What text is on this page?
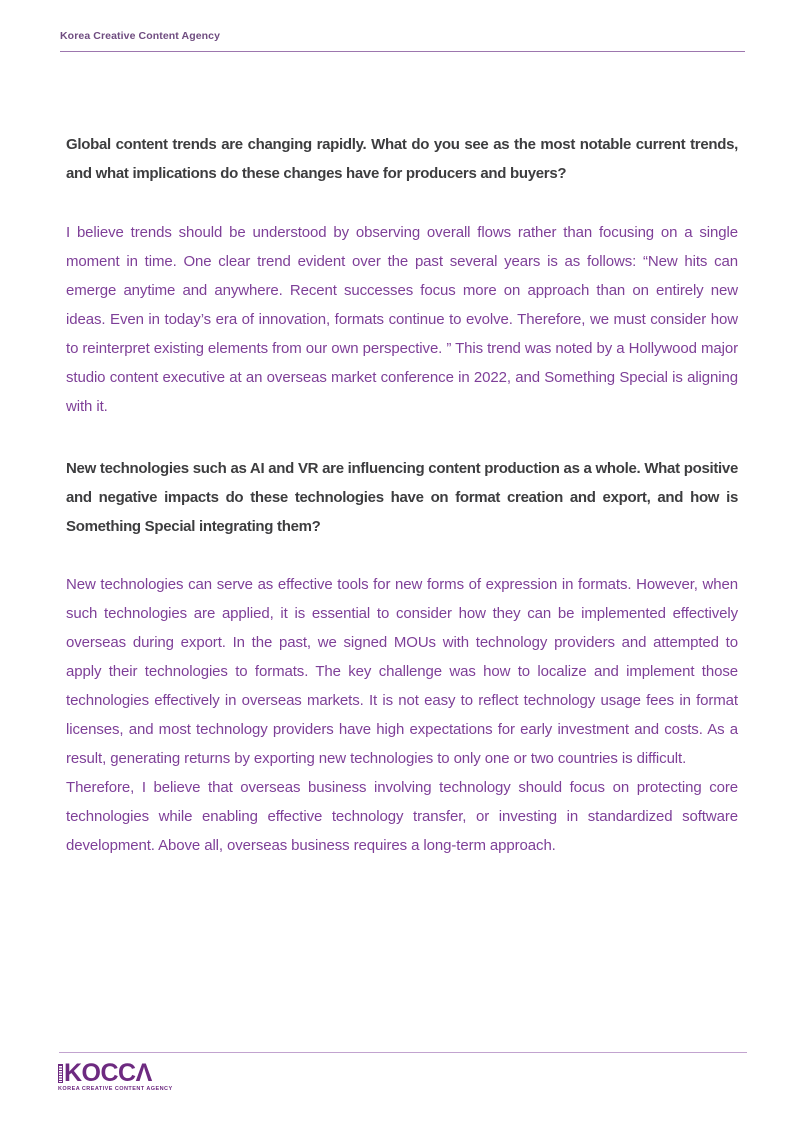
Korea Creative Content Agency
Global content trends are changing rapidly. What do you see as the most notable current trends, and what implications do these changes have for producers and buyers?
I believe trends should be understood by observing overall flows rather than focusing on a single moment in time. One clear trend evident over the past several years is as follows: “New hits can  emerge anytime and anywhere. Recent successes focus more on approach than on entirely new ideas. Even in today’s era of innovation, formats continue to evolve. Therefore, we must consider how to reinterpret existing elements from our own perspective. ” This trend was noted by a Hollywood major studio content executive at an overseas market conference in 2022, and Something Special is aligning with it.
New technologies such as AI and VR are influencing content production as a whole. What positive and negative impacts do these technologies have on format creation and export, and how is Something Special integrating them?
New technologies can serve as effective tools for new forms of expression in formats. However, when such technologies are applied, it is essential to consider how they can be implemented effectively overseas during export. In the past, we signed MOUs with technology providers and attempted to apply their technologies to formats. The key challenge was how to localize and implement those technologies effectively in overseas markets. It is not easy to reflect technology usage fees in format licenses, and most technology providers have high expectations for early investment and costs. As a result, generating returns by exporting new technologies to only one or two countries is difficult.
Therefore, I believe that overseas business involving technology should focus on protecting core technologies while enabling effective technology transfer, or investing in standardized software development. Above all, overseas business requires a long-term approach.
KOCCΛ
KOREA CREATIVE CONTENT AGENCY
